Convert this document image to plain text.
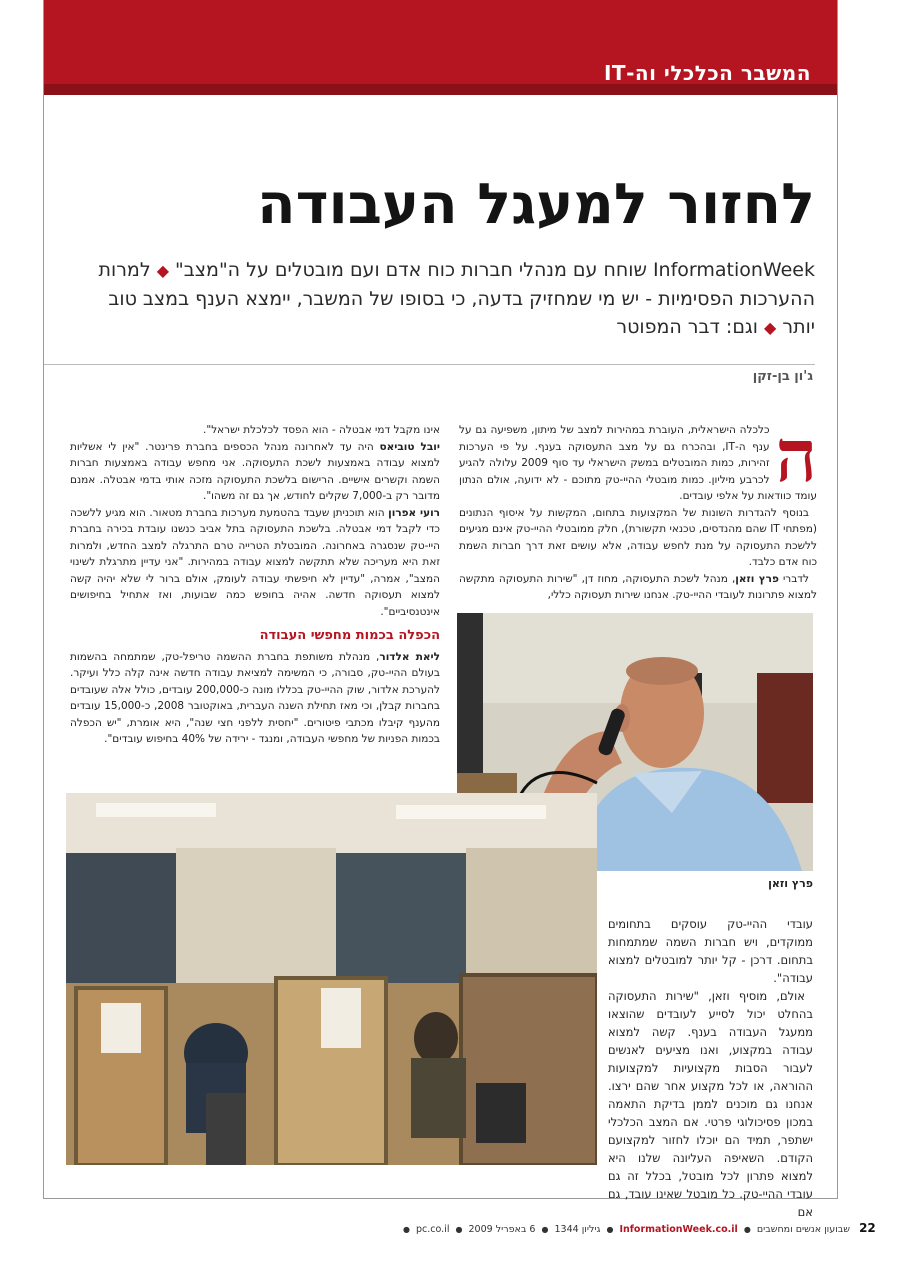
המשבר הכלכלי וה-IT
לחזור למעגל העבודה
InformationWeek שוחח עם מנהלי חברות כוח אדם ועם מובטלים על ה"מצב" ◆ למרות ההערכות הפסימיות - יש מי שמחזיק בדעה, כי בסופו של המשבר, יימצא הענף במצב טוב יותר ◆ וגם: דבר המפוטר
ג'ון בן-זקן
ה

כלכלה הישראלית, העוברת במהירות למצב של מיתון, משפיעה גם על ענף ה-IT, ובהכרח גם על מצב התעסוקה בענף. על פי הערכות זהירות, כמות המובטלים במשק הישראלי עד סוף 2009 עלולה להגיע לכרבע מיליון. כמות מובטלי ההיי-טק מתוכם - לא ידועה, אולם הנתון עומד כוודאות על אלפי עובדים.

בנוסף להגדרות השונות של המקצועות בתחום, המקשות על איסוף הנתונים (מפתחי IT שהם מהנדסים, טכנאי תקשורת), חלק ממובטלי ההיי-טק אינם מגיעים ללשכת התעסוקה על מנת לחפש עבודה, אלא עושים זאת דרך חברות השמת כוח אדם כלבד.

לדברי פרץ וזאן, מנהל לשכת התעסוקה, מחוז דן, "שירות התעסוקה מתקשה למצוא פתרונות לעובדי ההיי-טק. אנחנו שירות תעסוקה כללי,

אינו מקבל דמי אבטלה - הוא הפסד לכלכלת ישראל".

יובל טוביאס היה עד לאחרונה מנהל הכספים בחברת פרינטר. "אין לי אשליות למצוא עבודה באמצעות לשכת התעסוקה. אני מחפש עבודה באמצעות חברות השמה וקשרים אישיים. הרישום בלשכת התעסוקה מזכה אותי בדמי אבטלה. אמנם מדובר רק ב-7,000 שקלים לחודש, אך גם זה משהו".

רועי אפרון הוא תוכניתן שעבד בהטמעת מערכות בחברת מטאור. הוא מגיע ללשכה כדי לקבל דמי אבטלה. בלשכת התעסוקה בתל אביב כנשנו עובדת בכירה בחברת היי-טק שנסגרה באחרונה. המובטלת הטרייה טרם התרגלה למצב החדש, ולמרות זאת היא מעריכה שלא תתקשה למצוא עבודה במהירות. "אני עדיין מתרגלת לשינוי המצב", אמרה, "עדיין לא חיפשתי עבודה לעומק, אולם ברור לי שלא יהיה קשה למצוא תעסוקה חדשה. אהיה בחופש כמה שבועות, ואז אתחיל בחיפושים אינטנסיביים".

הכפלה בכמות מחפשי העבודה

ליאת אלדור, מנהלת משותפת בחברת ההשמה טריפל-טק, שמתמחה בהשמות בעולם ההיי-טק, סבורה, כי המשימה למציאת עבודה חדשה אינה קלה כלל ועיקר. להערכת אלדור, שוק ההיי-טק בכללו מונה כ-200,000 עובדים, כולל אלה שעובדים בחברות קבלן, וכי מאז תחילת השנה העברית, באוקטובר 2008, כ-15,000 עובדים מהענף קיבלו מכתבי פיטורים. "יחסית ללפני חצי שנה", היא אומרת, "יש הכפלה בכמות הפניות של מחפשי העבודה, ומנגד - ירידה של 40% בחיפוש עובדים".

פרץ וזאן

עובדי ההיי-טק עוסקים בתחומים ממוקדים, ויש חברות השמה שמתמחות בתחום. דרכן - קל יותר למובטלים למצוא עבודה".

אולם, מוסיף וזאן, "שירות התעסוקה בהחלט יכול לסייע לעובדים שהוצאו ממעגל העבודה בענף. קשה למצוא עבודה במקצוע, ואנו מציעים לאנשים לעבור הסבות מקצועיות למקצועות ההוראה, או לכל מקצוע אחר שהם ירצו. אנחנו גם מוכנים לממן בדיקת התאמה במכון פסיכולוגי פרטי. אם המצב הכלכלי ישתפר, תמיד הם יוכלו לחזור למקצועם הקודם. השאיפה העליונה שלנו היא למצוא פתרון לכל מובטל, בכלל זה גם עובדי ההיי-טק. כל מובטל שאינו עובד, גם אם

22   שבועון אנשים ומחשבים ● InformationWeek.co.il ● גיליון 1344 ● 6 באפריל 2009 ● pc.co.il ●
